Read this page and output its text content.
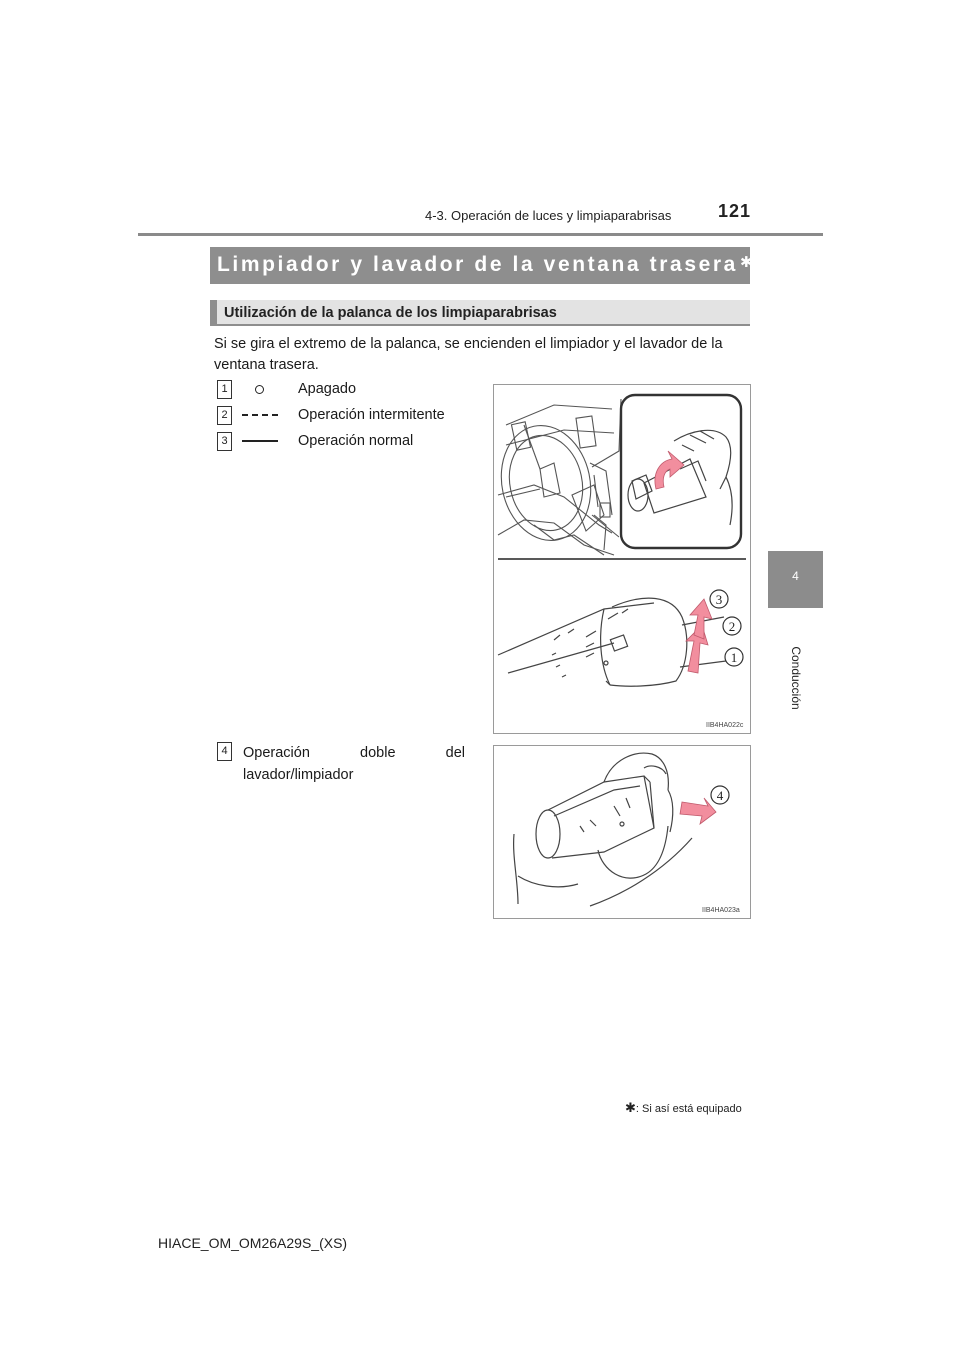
4-3. Operación de luces y limpiaparabrisas	121
4
Conducción
Limpiador y lavador de la ventana trasera ✱
Utilización de la palanca de los limpiaparabrisas
Si se gira el extremo de la palanca, se encienden el limpiador y el lavador de la ventana trasera.
1	Apagado
2	Operación intermitente
3	Operación normal
4	Operación doble del lavador/limpiador
3
2
1
IIB4HA022c
4
IIB4HA023a
✱: Si así está equipado
HIACE_OM_OM26A29S_(XS)
